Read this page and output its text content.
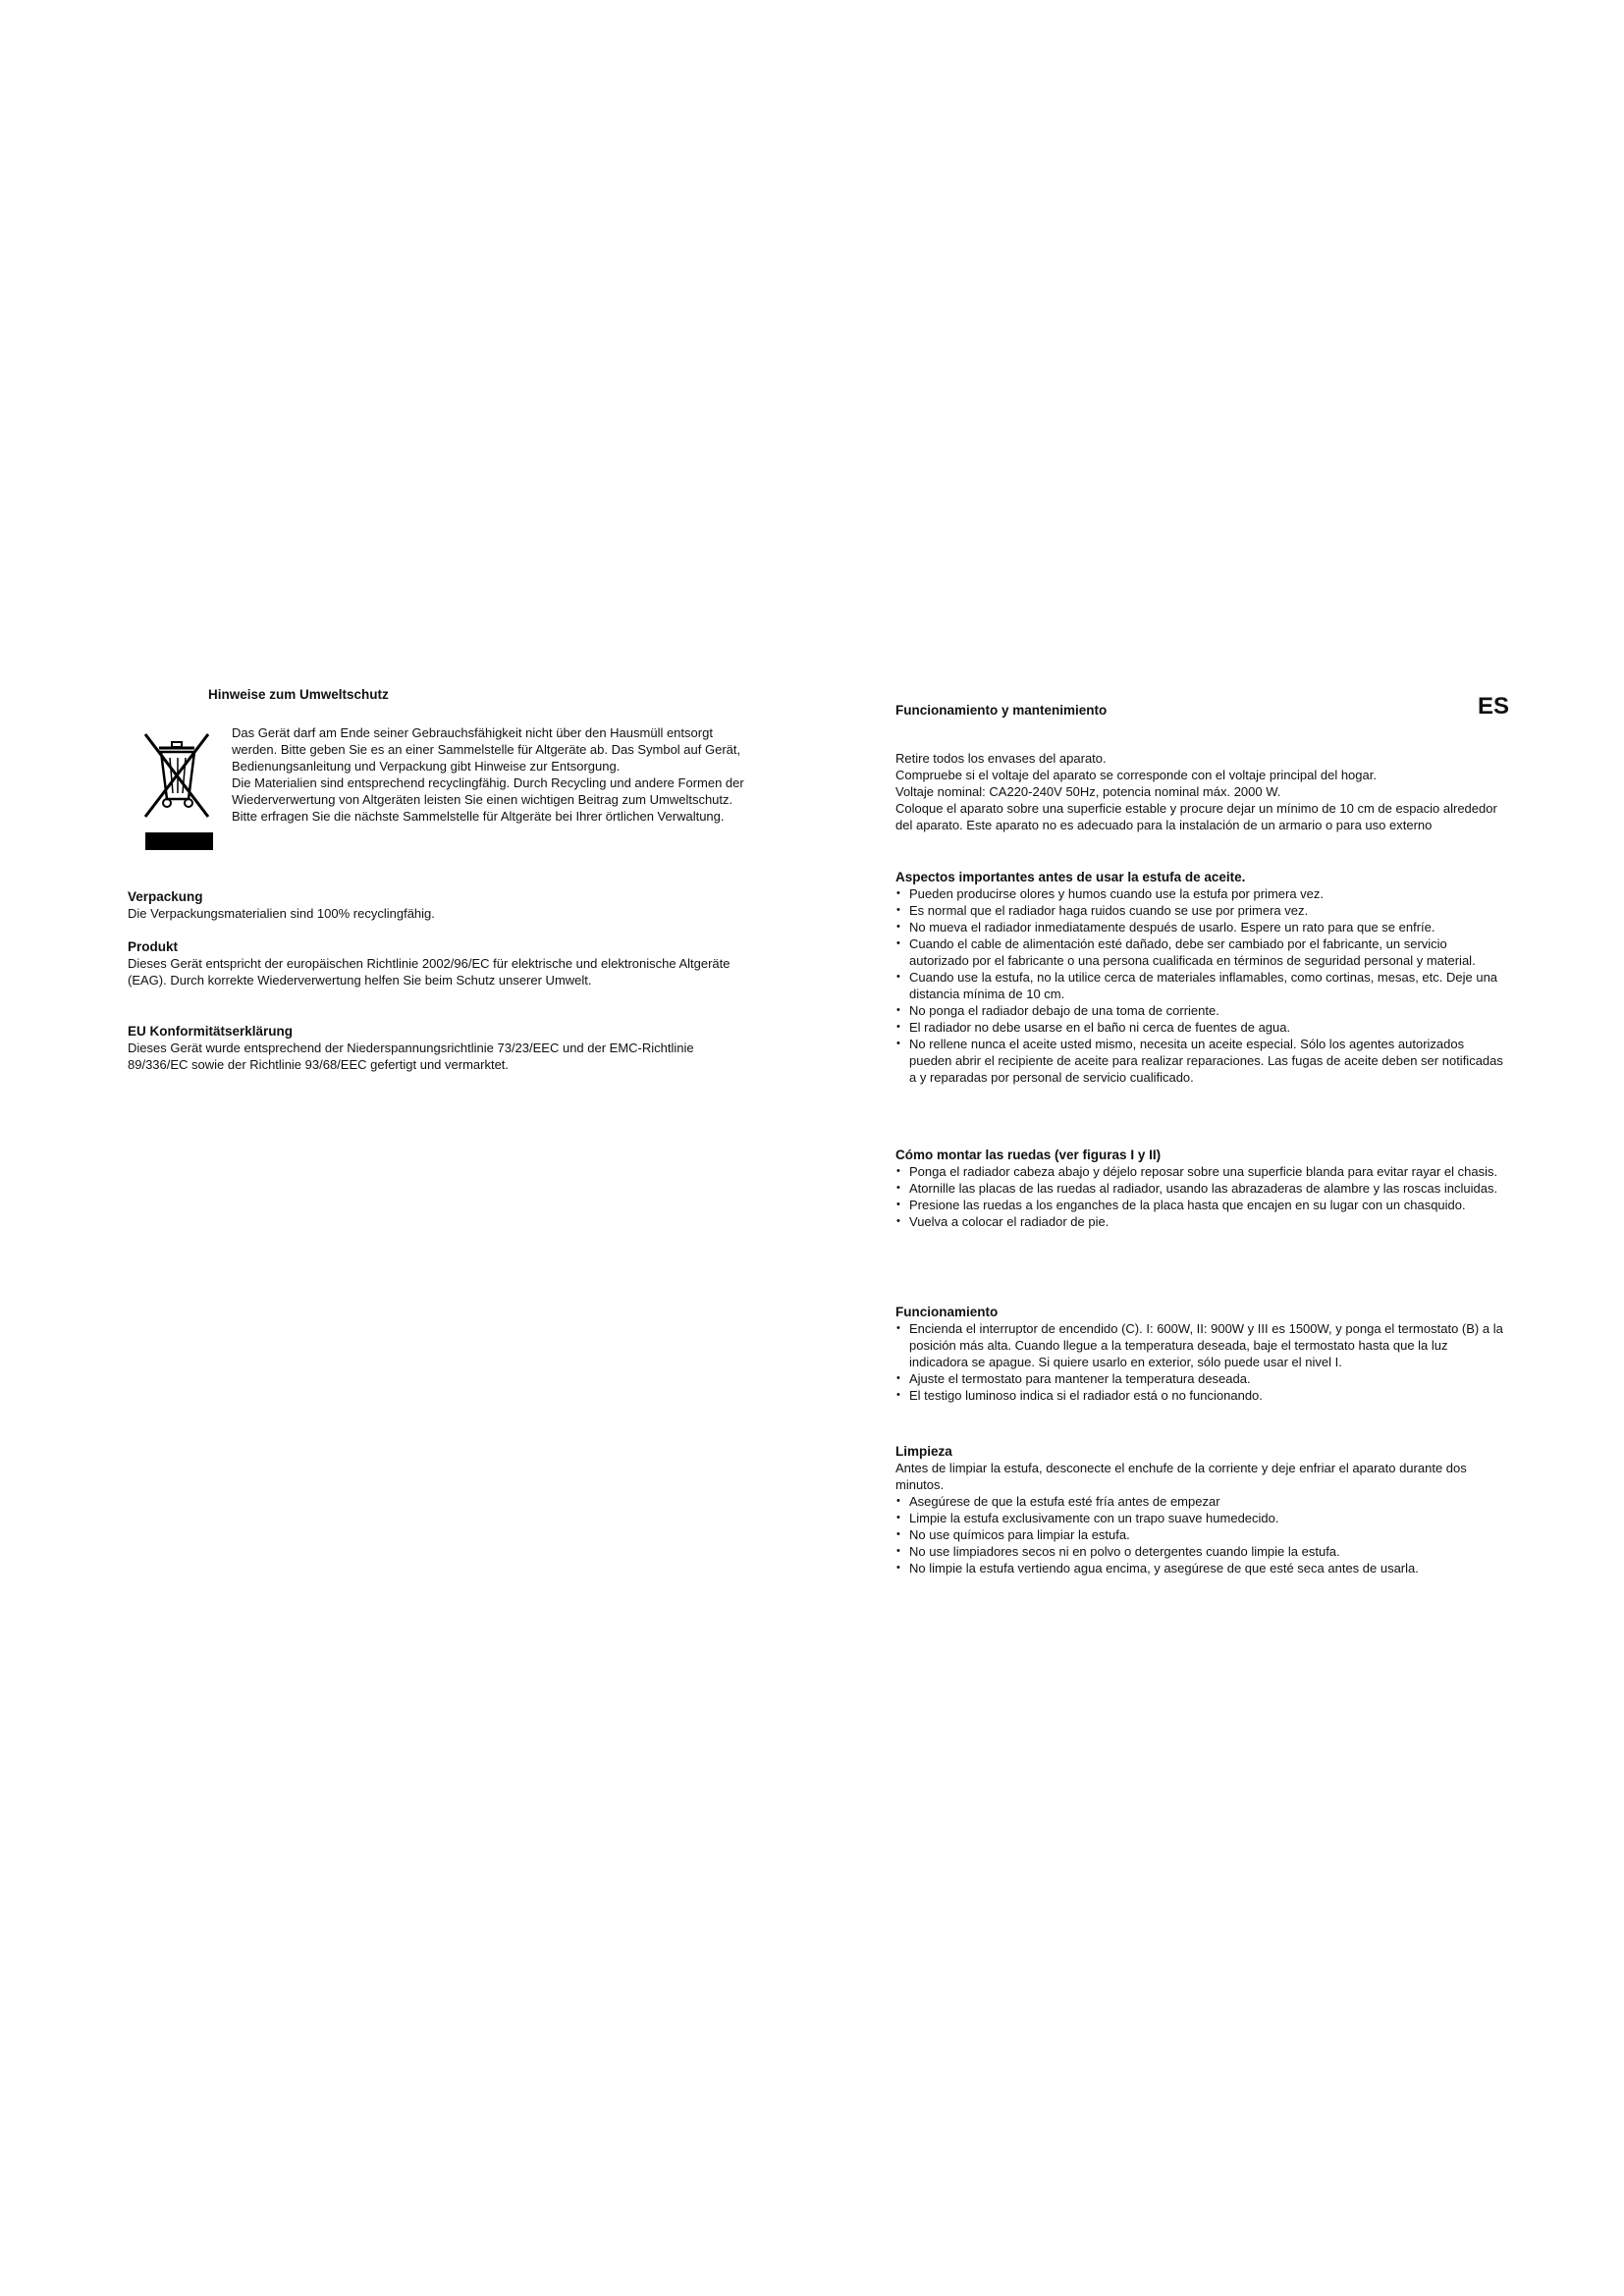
Hinweise zum Umweltschutz

Das Gerät darf am Ende seiner Gebrauchsfähigkeit nicht über den Hausmüll entsorgt werden. Bitte geben Sie es an einer Sammelstelle für Altgeräte ab. Das Symbol auf Gerät, Bedienungsanleitung und Verpackung gibt Hinweise zur Entsorgung.

Die Materialien sind entsprechend recyclingfähig. Durch Recycling und andere Formen der Wiederverwertung von Altgeräten leisten Sie einen wichtigen Beitrag zum Umweltschutz. Bitte erfragen Sie die nächste Sammelstelle für Altgeräte bei Ihrer örtlichen Verwaltung.

Verpackung

Die Verpackungsmaterialien sind 100% recyclingfähig.

Produkt

Dieses Gerät entspricht der europäischen Richtlinie 2002/96/EC für elektrische und elektronische Altgeräte (EAG). Durch korrekte Wiederverwertung helfen Sie beim Schutz unserer Umwelt.

EU Konformitätserklärung

Dieses Gerät wurde entsprechend der Niederspannungsrichtlinie 73/23/EEC und der EMC-Richtlinie 89/336/EC sowie der Richtlinie 93/68/EEC gefertigt und vermarktet.

Funcionamiento y mantenimiento	ES

Retire todos los envases del aparato.

Compruebe si el voltaje del aparato se corresponde con el voltaje principal del hogar.

Voltaje nominal: CA220-240V 50Hz, potencia nominal máx. 2000 W.

Coloque el aparato sobre una superficie estable y procure dejar un mínimo de 10 cm de espacio alrededor del aparato. Este aparato no es adecuado para la instalación de un armario o para uso externo

Aspectos importantes antes de usar la estufa de aceite.

• Pueden producirse olores y humos cuando use la estufa por primera vez.
• Es normal que el radiador haga ruidos cuando se use por primera vez.
• No mueva el radiador inmediatamente después de usarlo. Espere un rato para que se enfríe.
• Cuando el cable de alimentación esté dañado, debe ser cambiado por el fabricante, un servicio autorizado por el fabricante o una persona cualificada en términos de seguridad personal y material.
• Cuando use la estufa, no la utilice cerca de materiales inflamables, como cortinas, mesas, etc. Deje una distancia mínima de 10 cm.
• No ponga el radiador debajo de una toma de corriente.
• El radiador no debe usarse en el baño ni cerca de fuentes de agua.
• No rellene nunca el aceite usted mismo, necesita un aceite especial. Sólo los agentes autorizados pueden abrir el recipiente de aceite para realizar reparaciones. Las fugas de aceite deben ser notificadas a y reparadas por personal de servicio cualificado.

Cómo montar las ruedas (ver figuras I y II)

• Ponga el radiador cabeza abajo y déjelo reposar sobre una superficie blanda para evitar rayar el chasis.
• Atornille las placas de las ruedas al radiador, usando las abrazaderas de alambre y las roscas incluidas.
• Presione las ruedas a los enganches de la placa hasta que encajen en su lugar con un chasquido.
• Vuelva a colocar el radiador de pie.

Funcionamiento

• Encienda el interruptor de encendido (C). I: 600W, II: 900W y III es 1500W, y ponga el termostato (B) a la posición más alta. Cuando llegue a la temperatura deseada, baje el termostato hasta que la luz indicadora se apague. Si quiere usarlo en exterior, sólo puede usar el nivel I.
• Ajuste el termostato para mantener la temperatura deseada.
• El testigo luminoso indica si el radiador está o no funcionando.

Limpieza

Antes de limpiar la estufa, desconecte el enchufe de la corriente y deje enfriar el aparato durante dos minutos.

• Asegúrese de que la estufa esté fría antes de empezar
• Limpie la estufa exclusivamente con un trapo suave humedecido.
• No use químicos para limpiar la estufa.
• No use limpiadores secos ni en polvo o detergentes cuando limpie la estufa.
• No limpie la estufa vertiendo agua encima, y asegúrese de que esté seca antes de usarla.
